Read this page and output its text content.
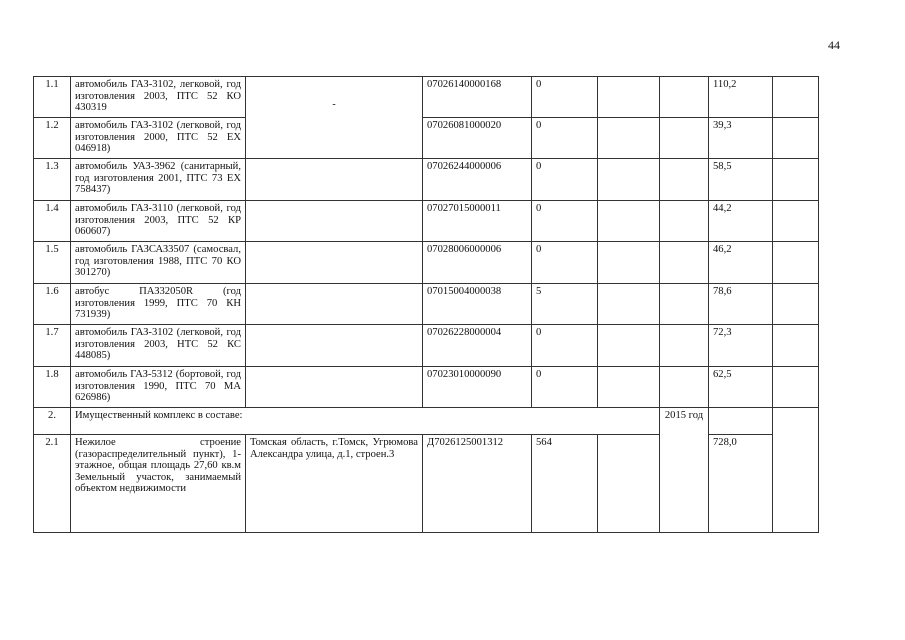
44
1.1	автомобиль ГАЗ-3102, легковой, год изготовления 2003, ПТС 52 КО 430319	-	07026140000168	0			110,2	
1.2	автомобиль ГАЗ-3102 (легковой, год изготовления 2000, ПТС 52 ЕХ 046918)		07026081000020	0			39,3	
1.3	автомобиль УАЗ-3962 (санитарный, год изготовления 2001, ПТС 73 ЕХ 758437)		07026244000006	0			58,5	
1.4	автомобиль ГАЗ-3110 (легковой, год изготовления 2003, ПТС 52 КР 060607)		07027015000011	0			44,2	
1.5	автомобиль ГАЗСАЗ3507 (самосвал, год изготовления 1988, ПТС 70 КО 301270)		07028006000006	0			46,2	
1.6	автобус ПАЗ32050R (год изготовления 1999, ПТС 70 КН 731939)		07015004000038	5			78,6	
1.7	автомобиль ГАЗ-3102 (легковой, год изготовления 2003, НТС 52 КС 448085)		07026228000004	0			72,3	
1.8	автомобиль ГАЗ-5312 (бортовой, год изготовления 1990, ПТС 70 МА 626986)		07023010000090	0			62,5	
2.	Имущественный комплекс в составе:					2015 год		
2.1	Нежилое строение (газораспределительный пункт), 1-этажное, общая площадь 27,60 кв.м Земельный участок, занимаемый объектом недвижимости	Томская область, г.Томск, Угрюмова Александра улица, д.1, строен.3	Д7026125001312	564			728,0	
